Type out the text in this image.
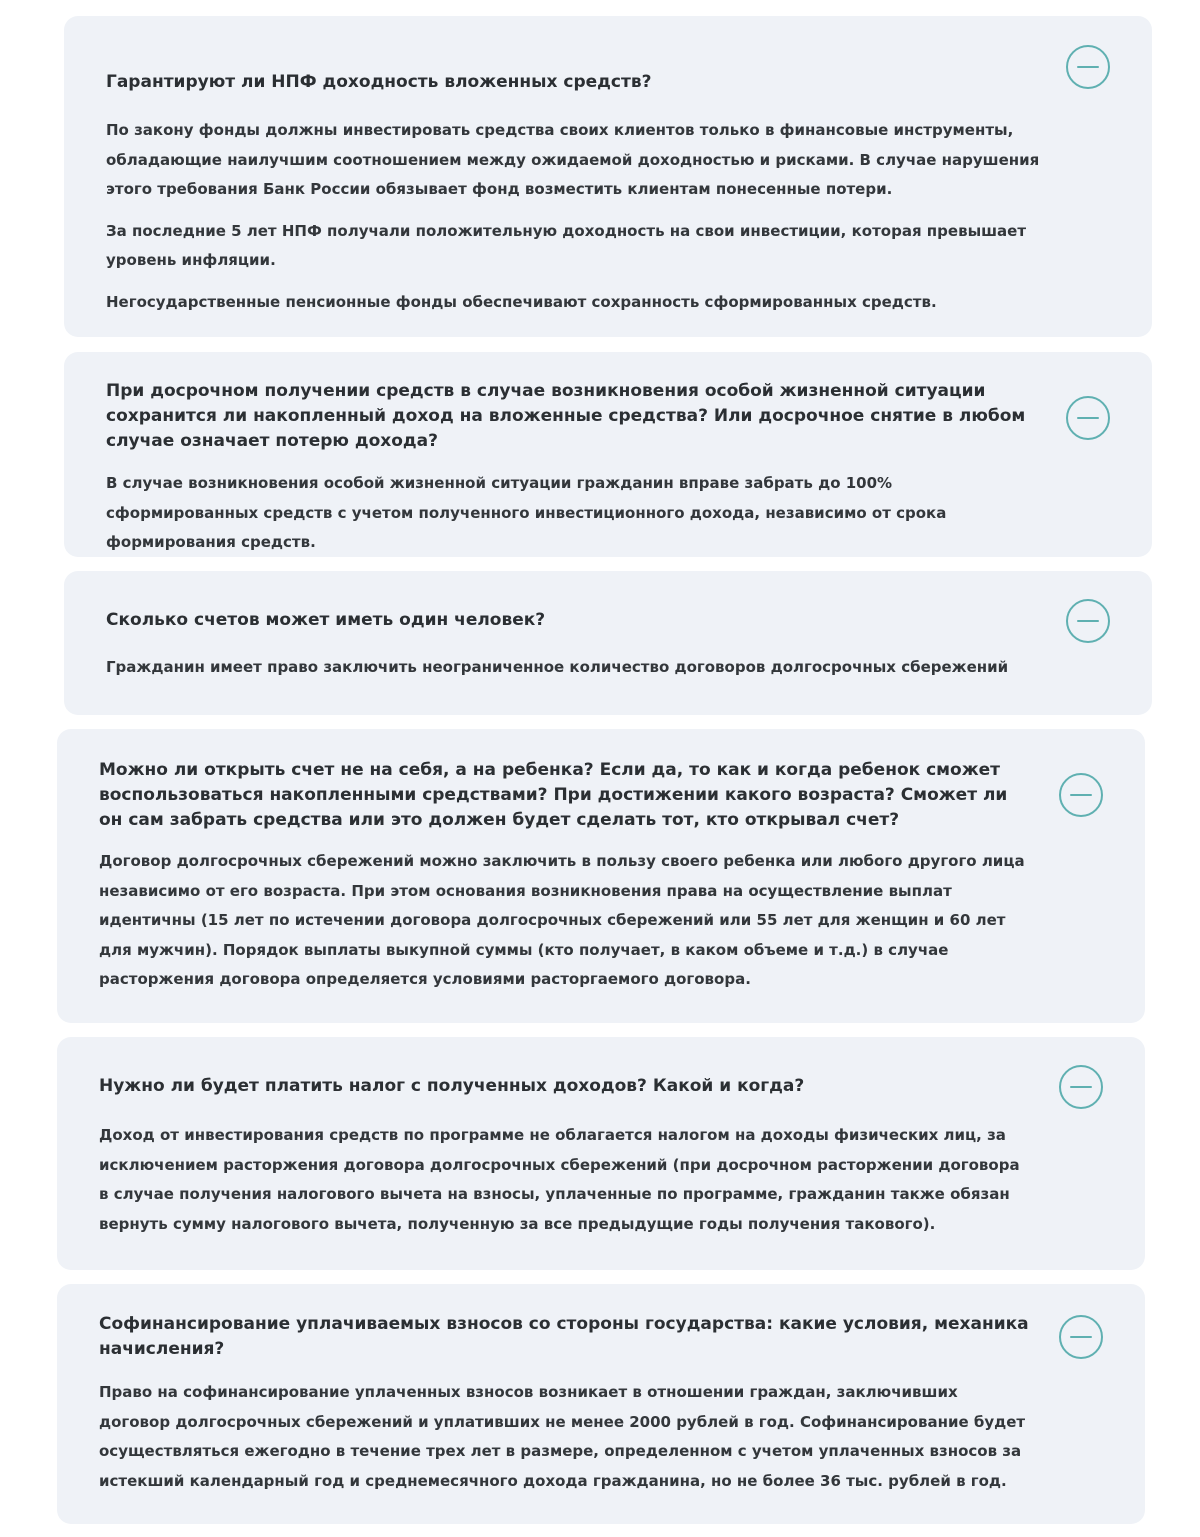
Гарантируют ли НПФ доходность вложенных средств?

По закону фонды должны инвестировать средства своих клиентов только в финансовые инструменты, обладающие наилучшим соотношением между ожидаемой доходностью и рисками. В случае нарушения этого требования Банк России обязывает фонд возместить клиентам понесенные потери.

За последние 5 лет НПФ получали положительную доходность на свои инвестиции, которая превышает уровень инфляции.

Негосударственные пенсионные фонды обеспечивают сохранность сформированных средств.

При досрочном получении средств в случае возникновения особой жизненной ситуации сохранится ли накопленный доход на вложенные средства? Или досрочное снятие в любом случае означает потерю дохода?

В случае возникновения особой жизненной ситуации гражданин вправе забрать до 100% сформированных средств с учетом полученного инвестиционного дохода, независимо от срока формирования средств.

Сколько счетов может иметь один человек?

Гражданин имеет право заключить неограниченное количество договоров долгосрочных сбережений

Можно ли открыть счет не на себя, а на ребенка? Если да, то как и когда ребенок сможет воспользоваться накопленными средствами? При достижении какого возраста? Сможет ли он сам забрать средства или это должен будет сделать тот, кто открывал счет?

Договор долгосрочных сбережений можно заключить в пользу своего ребенка или любого другого лица независимо от его возраста. При этом основания возникновения права на осуществление выплат идентичны (15 лет по истечении договора долгосрочных сбережений или 55 лет для женщин и 60 лет для мужчин). Порядок выплаты выкупной суммы (кто получает, в каком объеме и т.д.) в случае расторжения договора определяется условиями расторгаемого договора.

Нужно ли будет платить налог с полученных доходов? Какой и когда?

Доход от инвестирования средств по программе не облагается налогом на доходы физических лиц, за исключением расторжения договора долгосрочных сбережений (при досрочном расторжении договора в случае получения налогового вычета на взносы, уплаченные по программе, гражданин также обязан вернуть сумму налогового вычета, полученную за все предыдущие годы получения такового).

Софинансирование уплачиваемых взносов со стороны государства: какие условия, механика начисления?

Право на софинансирование уплаченных взносов возникает в отношении граждан, заключивших договор долгосрочных сбережений и уплативших не менее 2000 рублей в год. Софинансирование будет осуществляться ежегодно в течение трех лет в размере, определенном с учетом уплаченных взносов за истекший календарный год и среднемесячного дохода гражданина, но не более 36 тыс. рублей в год.
